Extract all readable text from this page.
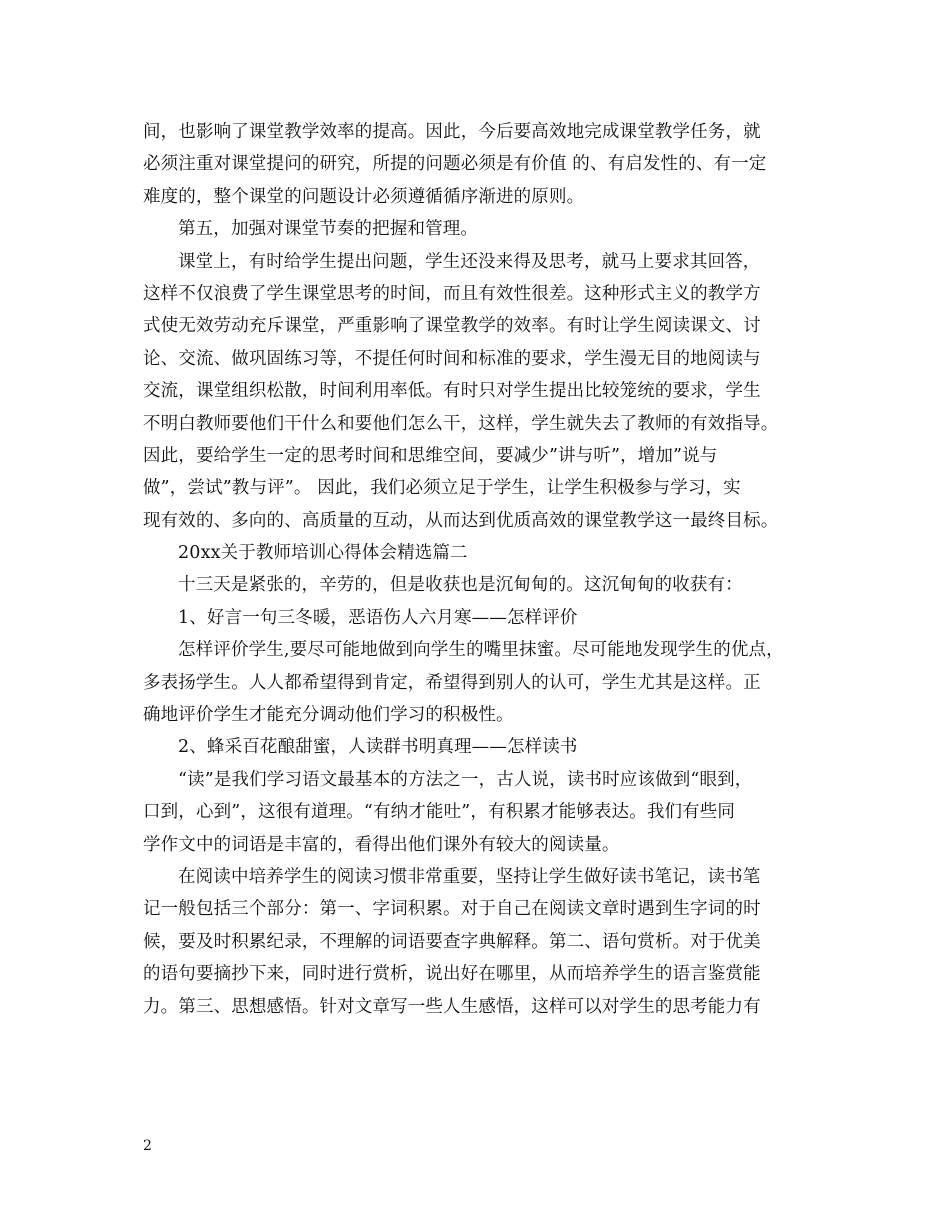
间，也影响了课堂教学效率的提高。因此，今后要高效地完成课堂教学任务，就
必须注重对课堂提问的研究，所提的问题必须是有价值 的、有启发性的、有一定
难度的，整个课堂的问题设计必须遵循循序渐进的原则。
第五，加强对课堂节奏的把握和管理。
课堂上，有时给学生提出问题，学生还没来得及思考，就马上要求其回答，
这样不仅浪费了学生课堂思考的时间，而且有效性很差。这种形式主义的教学方
式使无效劳动充斥课堂，严重影响了课堂教学的效率。有时让学生阅读课文、讨
论、交流、做巩固练习等，不提任何时间和标准的要求，学生漫无目的地阅读与
交流，课堂组织松散，时间利用率低。有时只对学生提出比较笼统的要求，学生
不明白教师要他们干什么和要他们怎么干，这样，学生就失去了教师的有效指导。
因此，要给学生一定的思考时间和思维空间，要减少”讲与听”，增加”说与
做”，尝试”教与评”。 因此，我们必须立足于学生，让学生积极参与学习，实
现有效的、多向的、高质量的互动，从而达到优质高效的课堂教学这一最终目标。
20xx关于教师培训心得体会精选篇二
十三天是紧张的，辛劳的，但是收获也是沉甸甸的。这沉甸甸的收获有：
1、好言一句三冬暖，恶语伤人六月寒——怎样评价
怎样评价学生,要尽可能地做到向学生的嘴里抹蜜。尽可能地发现学生的优点，
多表扬学生。人人都希望得到肯定，希望得到别人的认可，学生尤其是这样。正
确地评价学生才能充分调动他们学习的积极性。
2、蜂采百花酿甜蜜，人读群书明真理——怎样读书
“读”是我们学习语文最基本的方法之一，古人说，读书时应该做到“眼到，
口到，心到”，这很有道理。“有纳才能吐”，有积累才能够表达。我们有些同
学作文中的词语是丰富的，看得出他们课外有较大的阅读量。
在阅读中培养学生的阅读习惯非常重要，坚持让学生做好读书笔记，读书笔
记一般包括三个部分：第一、字词积累。对于自己在阅读文章时遇到生字词的时
候，要及时积累纪录，不理解的词语要查字典解释。第二、语句赏析。对于优美
的语句要摘抄下来，同时进行赏析，说出好在哪里，从而培养学生的语言鉴赏能
力。第三、思想感悟。针对文章写一些人生感悟，这样可以对学生的思考能力有
2
